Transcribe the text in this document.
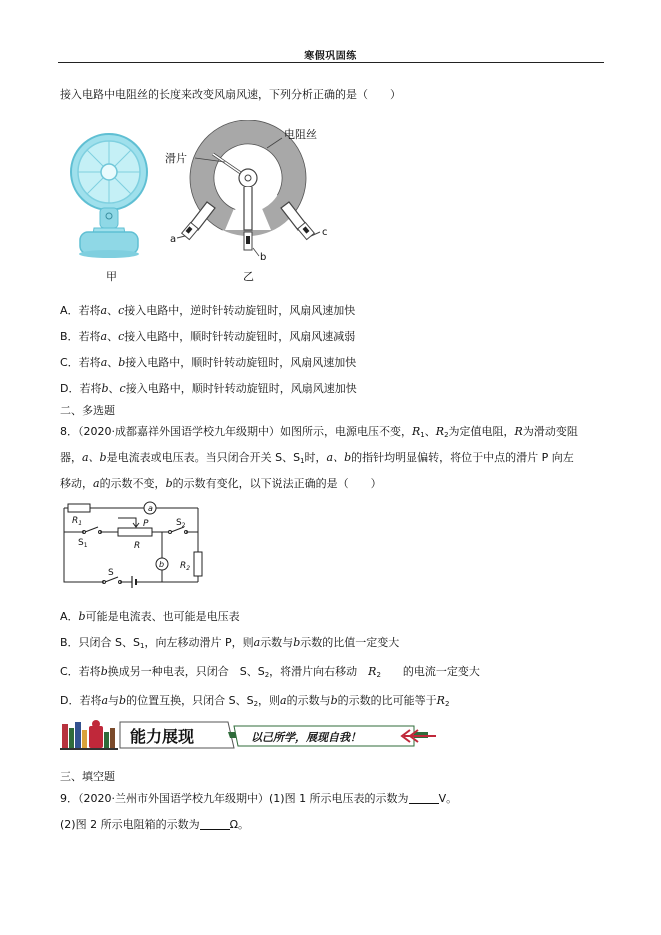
寒假巩固练
接入电路中电阻丝的长度来改变风扇风速，下列分析正确的是（　　）
甲
滑片
电阻丝
a
b
c
乙
A．若将a、c接入电路中，逆时针转动旋钮时，风扇风速加快
B．若将a、c接入电路中，顺时针转动旋钮时，风扇风速减弱
C．若将a、b接入电路中，顺时针转动旋钮时，风扇风速加快
D．若将b、c接入电路中，顺时针转动旋钮时，风扇风速加快
二、多选题
8．（2020·成都嘉祥外国语学校九年级期中）如图所示，电源电压不变，$R_1$、$R_2$为定值电阻，R为滑动变阻
器，a、b是电流表或电压表。当只闭合开关 S、$S_1$时，a、b的指针均明显偏转，将位于中点的滑片 P 向左
移动，a的示数不变，b的示数有变化，以下说法正确的是（　　）
$R_1$
a
$S_1$
P
R
$S_2$
b $R_2$
S
A．b可能是电流表、也可能是电压表
B．只闭合 S、$S_1$，向左移动滑片 P，则a示数与b示数的比值一定变大
C．若将b换成另一种电表，只闭合　S、$S_2$，将滑片向右移动　$R_2$　　的电流一定变大
D．若将a与b的位置互换，只闭合 S、$S_2$，则a的示数与b的示数的比可能等于$R_2$
能力展现	以己所学，展现自我！
三、填空题
9．（2020·兰州市外国语学校九年级期中）(1)图 1 所示电压表的示数为	V。
(2)图 2 所示电阻箱的示数为	Ω。
